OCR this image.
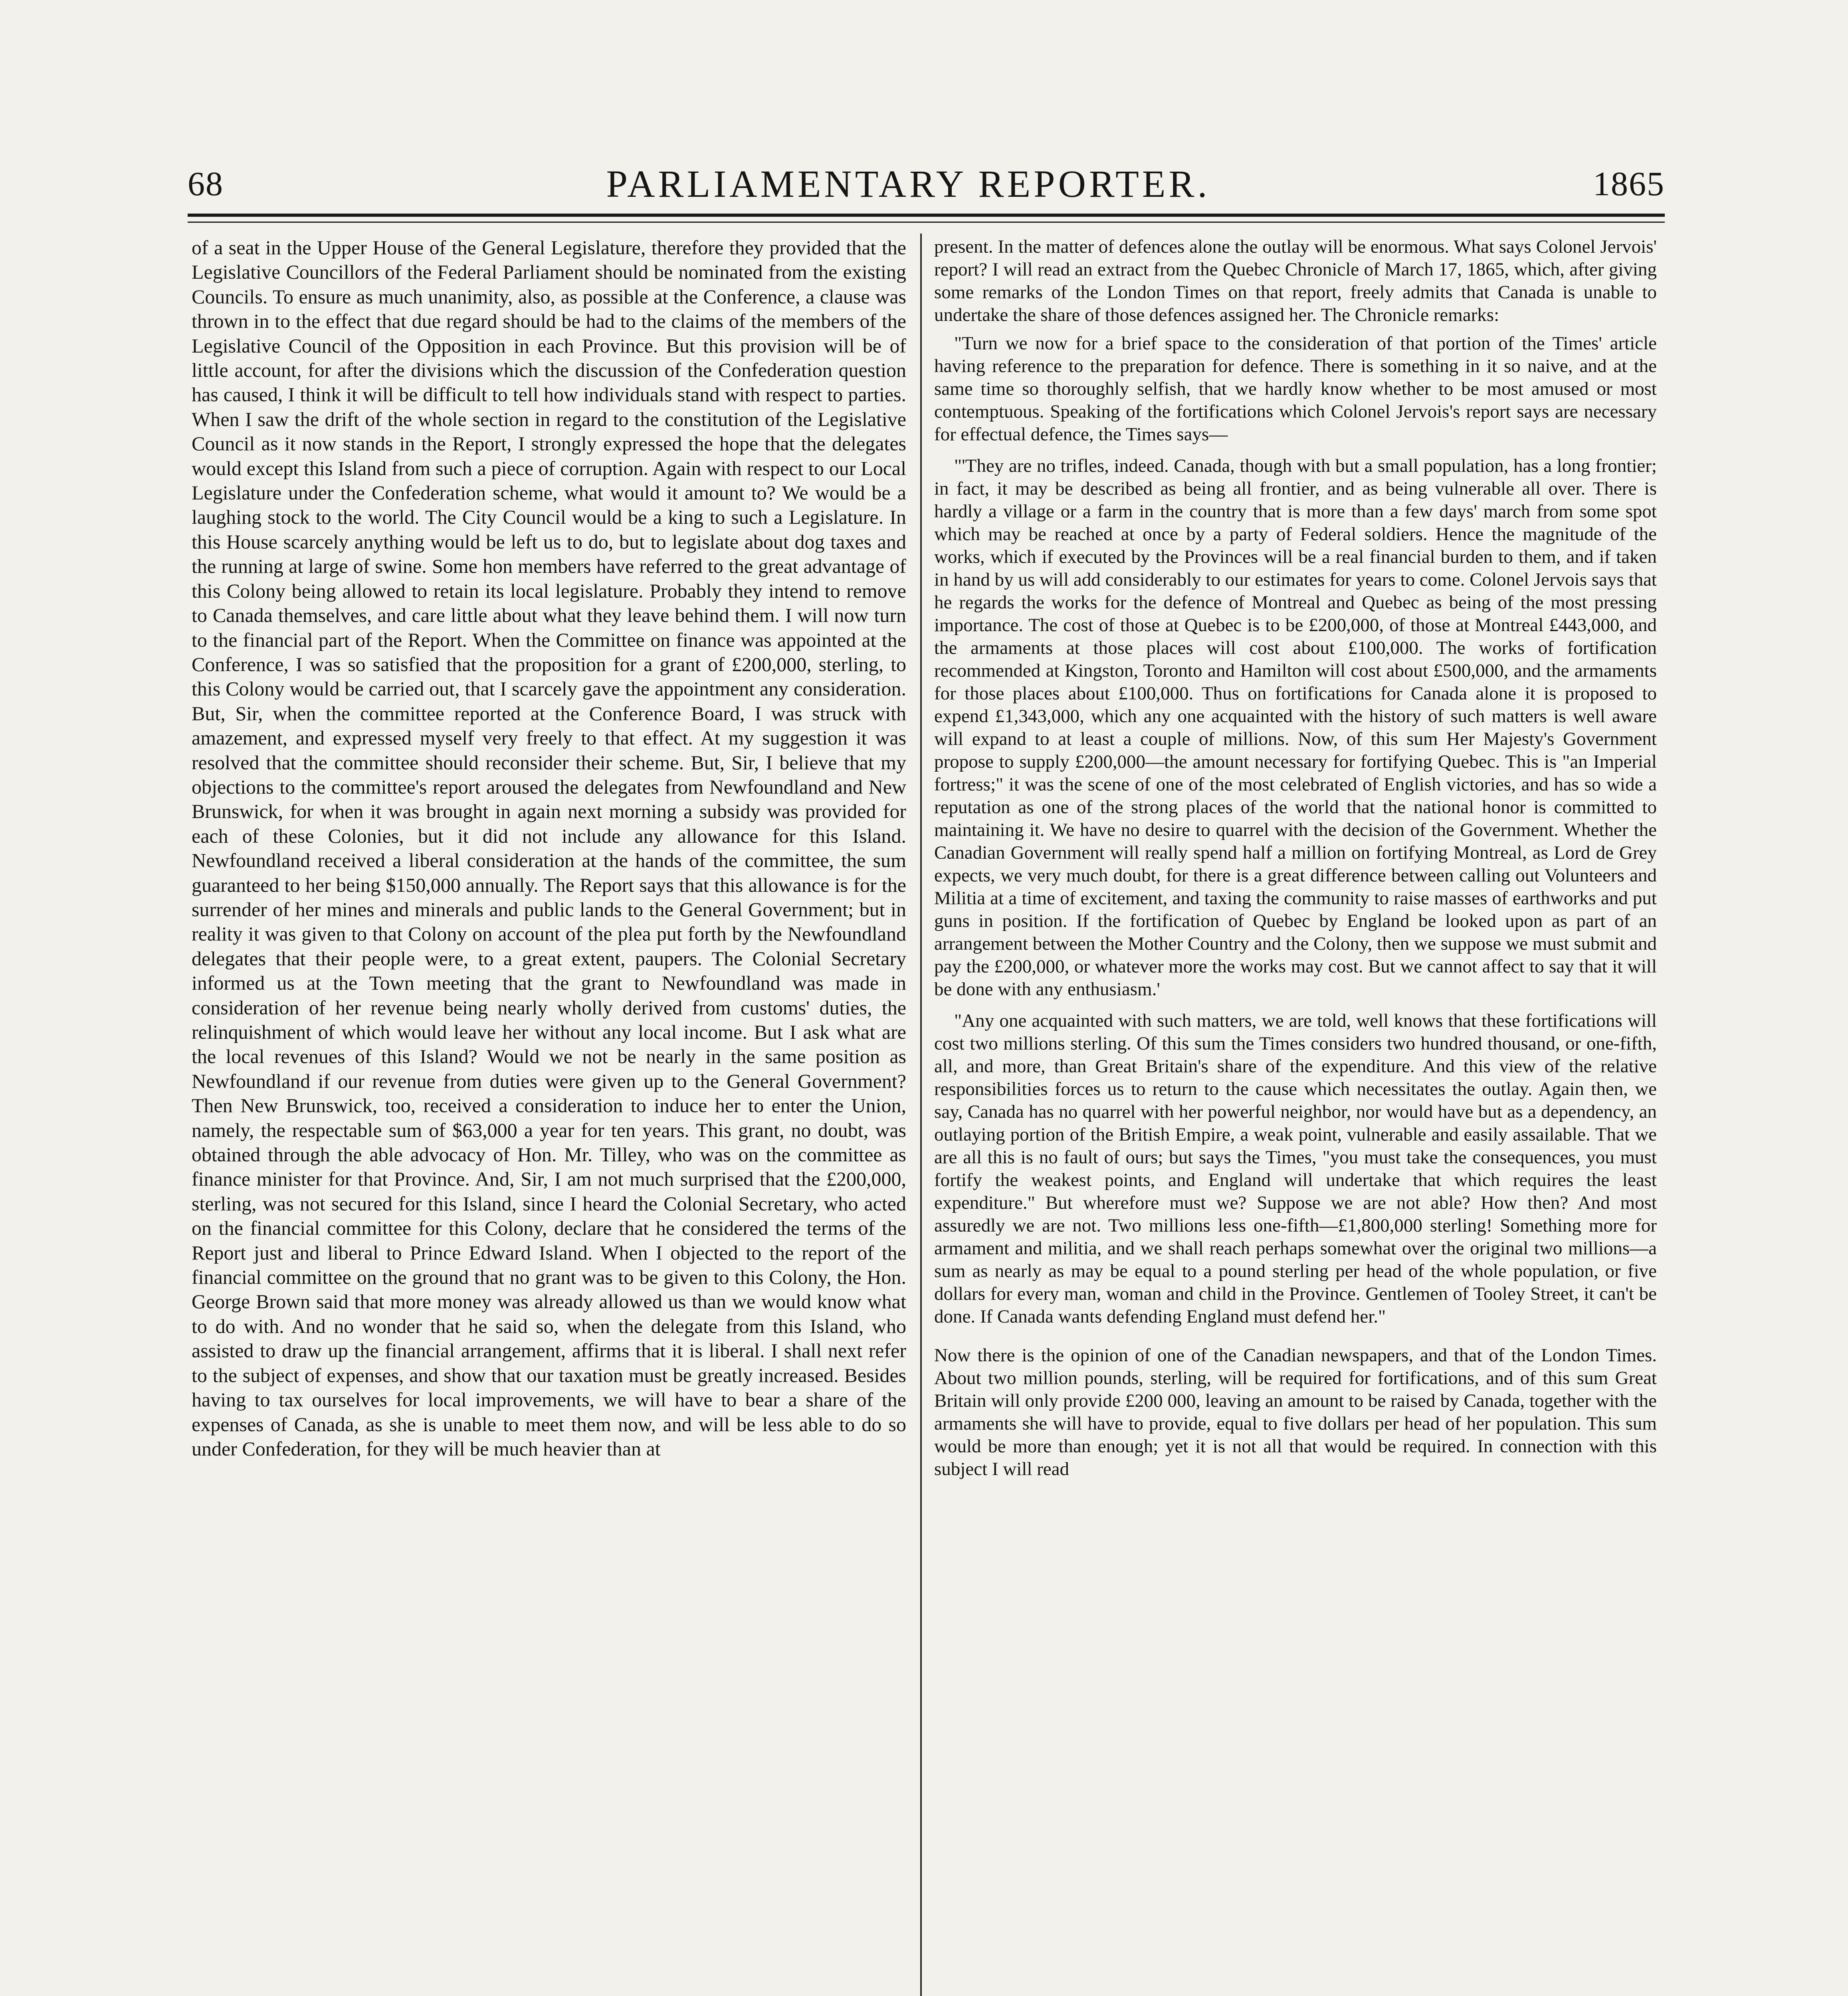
68	PARLIAMENTARY REPORTER.	1865

of a seat in the Upper House of the General Legislature, therefore they provided that the Legislative Councillors of the Federal Parliament should be nominated from the existing Councils. To ensure as much unanimity, also, as possible at the Conference, a clause was thrown in to the effect that due regard should be had to the claims of the members of the Legislative Council of the Opposition in each Province. But this provision will be of little account, for after the divisions which the discussion of the Confederation question has caused, I think it will be difficult to tell how individuals stand with respect to parties. When I saw the drift of the whole section in regard to the constitution of the Legislative Council as it now stands in the Report, I strongly expressed the hope that the delegates would except this Island from such a piece of corruption. Again with respect to our Local Legislature under the Confederation scheme, what would it amount to? We would be a laughing stock to the world. The City Council would be a king to such a Legislature. In this House scarcely anything would be left us to do, but to legislate about dog taxes and the running at large of swine. Some hon members have referred to the great advantage of this Colony being allowed to retain its local legislature. Probably they intend to remove to Canada themselves, and care little about what they leave behind them. I will now turn to the financial part of the Report. When the Committee on finance was appointed at the Conference, I was so satisfied that the proposition for a grant of £200,000, sterling, to this Colony would be carried out, that I scarcely gave the appointment any consideration. But, Sir, when the committee reported at the Conference Board, I was struck with amazement, and expressed myself very freely to that effect. At my suggestion it was resolved that the committee should reconsider their scheme. But, Sir, I believe that my objections to the committee's report aroused the delegates from Newfoundland and New Brunswick, for when it was brought in again next morning a subsidy was provided for each of these Colonies, but it did not include any allowance for this Island. Newfoundland received a liberal consideration at the hands of the committee, the sum guaranteed to her being $150,000 annually. The Report says that this allowance is for the surrender of her mines and minerals and public lands to the General Government; but in reality it was given to that Colony on account of the plea put forth by the Newfoundland delegates that their people were, to a great extent, paupers. The Colonial Secretary informed us at the Town meeting that the grant to Newfoundland was made in consideration of her revenue being nearly wholly derived from customs' duties, the relinquishment of which would leave her without any local income. But I ask what are the local revenues of this Island? Would we not be nearly in the same position as Newfoundland if our revenue from duties were given up to the General Government? Then New Brunswick, too, received a consideration to induce her to enter the Union, namely, the respectable sum of $63,000 a year for ten years. This grant, no doubt, was obtained through the able advocacy of Hon. Mr. Tilley, who was on the committee as finance minister for that Province. And, Sir, I am not much surprised that the £200,000, sterling, was not secured for this Island, since I heard the Colonial Secretary, who acted on the financial committee for this Colony, declare that he considered the terms of the Report just and liberal to Prince Edward Island. When I objected to the report of the financial committee on the ground that no grant was to be given to this Colony, the Hon. George Brown said that more money was already allowed us than we would know what to do with. And no wonder that he said so, when the delegate from this Island, who assisted to draw up the financial arrangement, affirms that it is liberal. I shall next refer to the subject of expenses, and show that our taxation must be greatly increased. Besides having to tax ourselves for local improvements, we will have to bear a share of the expenses of Canada, as she is unable to meet them now, and will be less able to do so under Confederation, for they will be much heavier than at

present. In the matter of defences alone the outlay will be enormous. What says Colonel Jervois' report? I will read an extract from the Quebec Chronicle of March 17, 1865, which, after giving some remarks of the London Times on that report, freely admits that Canada is unable to undertake the share of those defences assigned her. The Chronicle remarks:

"Turn we now for a brief space to the consideration of that portion of the Times' article having reference to the preparation for defence. There is something in it so naive, and at the same time so thoroughly selfish, that we hardly know whether to be most amused or most contemptuous. Speaking of the fortifications which Colonel Jervois's report says are necessary for effectual defence, the Times says—

"'They are no trifles, indeed. Canada, though with but a small population, has a long frontier; in fact, it may be described as being all frontier, and as being vulnerable all over. There is hardly a village or a farm in the country that is more than a few days' march from some spot which may be reached at once by a party of Federal soldiers. Hence the magnitude of the works, which if executed by the Provinces will be a real financial burden to them, and if taken in hand by us will add considerably to our estimates for years to come. Colonel Jervois says that he regards the works for the defence of Montreal and Quebec as being of the most pressing importance. The cost of those at Quebec is to be £200,000, of those at Montreal £443,000, and the armaments at those places will cost about £100,000. The works of fortification recommended at Kingston, Toronto and Hamilton will cost about £500,000, and the armaments for those places about £100,000. Thus on fortifications for Canada alone it is proposed to expend £1,343,000, which any one acquainted with the history of such matters is well aware will expand to at least a couple of millions. Now, of this sum Her Majesty's Government propose to supply £200,000—the amount necessary for fortifying Quebec. This is "an Imperial fortress;" it was the scene of one of the most celebrated of English victories, and has so wide a reputation as one of the strong places of the world that the national honor is committed to maintaining it. We have no desire to quarrel with the decision of the Government. Whether the Canadian Government will really spend half a million on fortifying Montreal, as Lord de Grey expects, we very much doubt, for there is a great difference between calling out Volunteers and Militia at a time of excitement, and taxing the community to raise masses of earthworks and put guns in position. If the fortification of Quebec by England be looked upon as part of an arrangement between the Mother Country and the Colony, then we suppose we must submit and pay the £200,000, or whatever more the works may cost. But we cannot affect to say that it will be done with any enthusiasm.'

"Any one acquainted with such matters, we are told, well knows that these fortifications will cost two millions sterling. Of this sum the Times considers two hundred thousand, or one-fifth, all, and more, than Great Britain's share of the expenditure. And this view of the relative responsibilities forces us to return to the cause which necessitates the outlay. Again then, we say, Canada has no quarrel with her powerful neighbor, nor would have but as a dependency, an outlaying portion of the British Empire, a weak point, vulnerable and easily assailable. That we are all this is no fault of ours; but says the Times, "you must take the consequences, you must fortify the weakest points, and England will undertake that which requires the least expenditure." But wherefore must we? Suppose we are not able? How then? And most assuredly we are not. Two millions less one-fifth—£1,800,000 sterling! Something more for armament and militia, and we shall reach perhaps somewhat over the original two millions—a sum as nearly as may be equal to a pound sterling per head of the whole population, or five dollars for every man, woman and child in the Province. Gentlemen of Tooley Street, it can't be done. If Canada wants defending England must defend her."

Now there is the opinion of one of the Canadian newspapers, and that of the London Times. About two million pounds, sterling, will be required for fortifications, and of this sum Great Britain will only provide £200 000, leaving an amount to be raised by Canada, together with the armaments she will have to provide, equal to five dollars per head of her population. This sum would be more than enough; yet it is not all that would be required. In connection with this subject I will read
